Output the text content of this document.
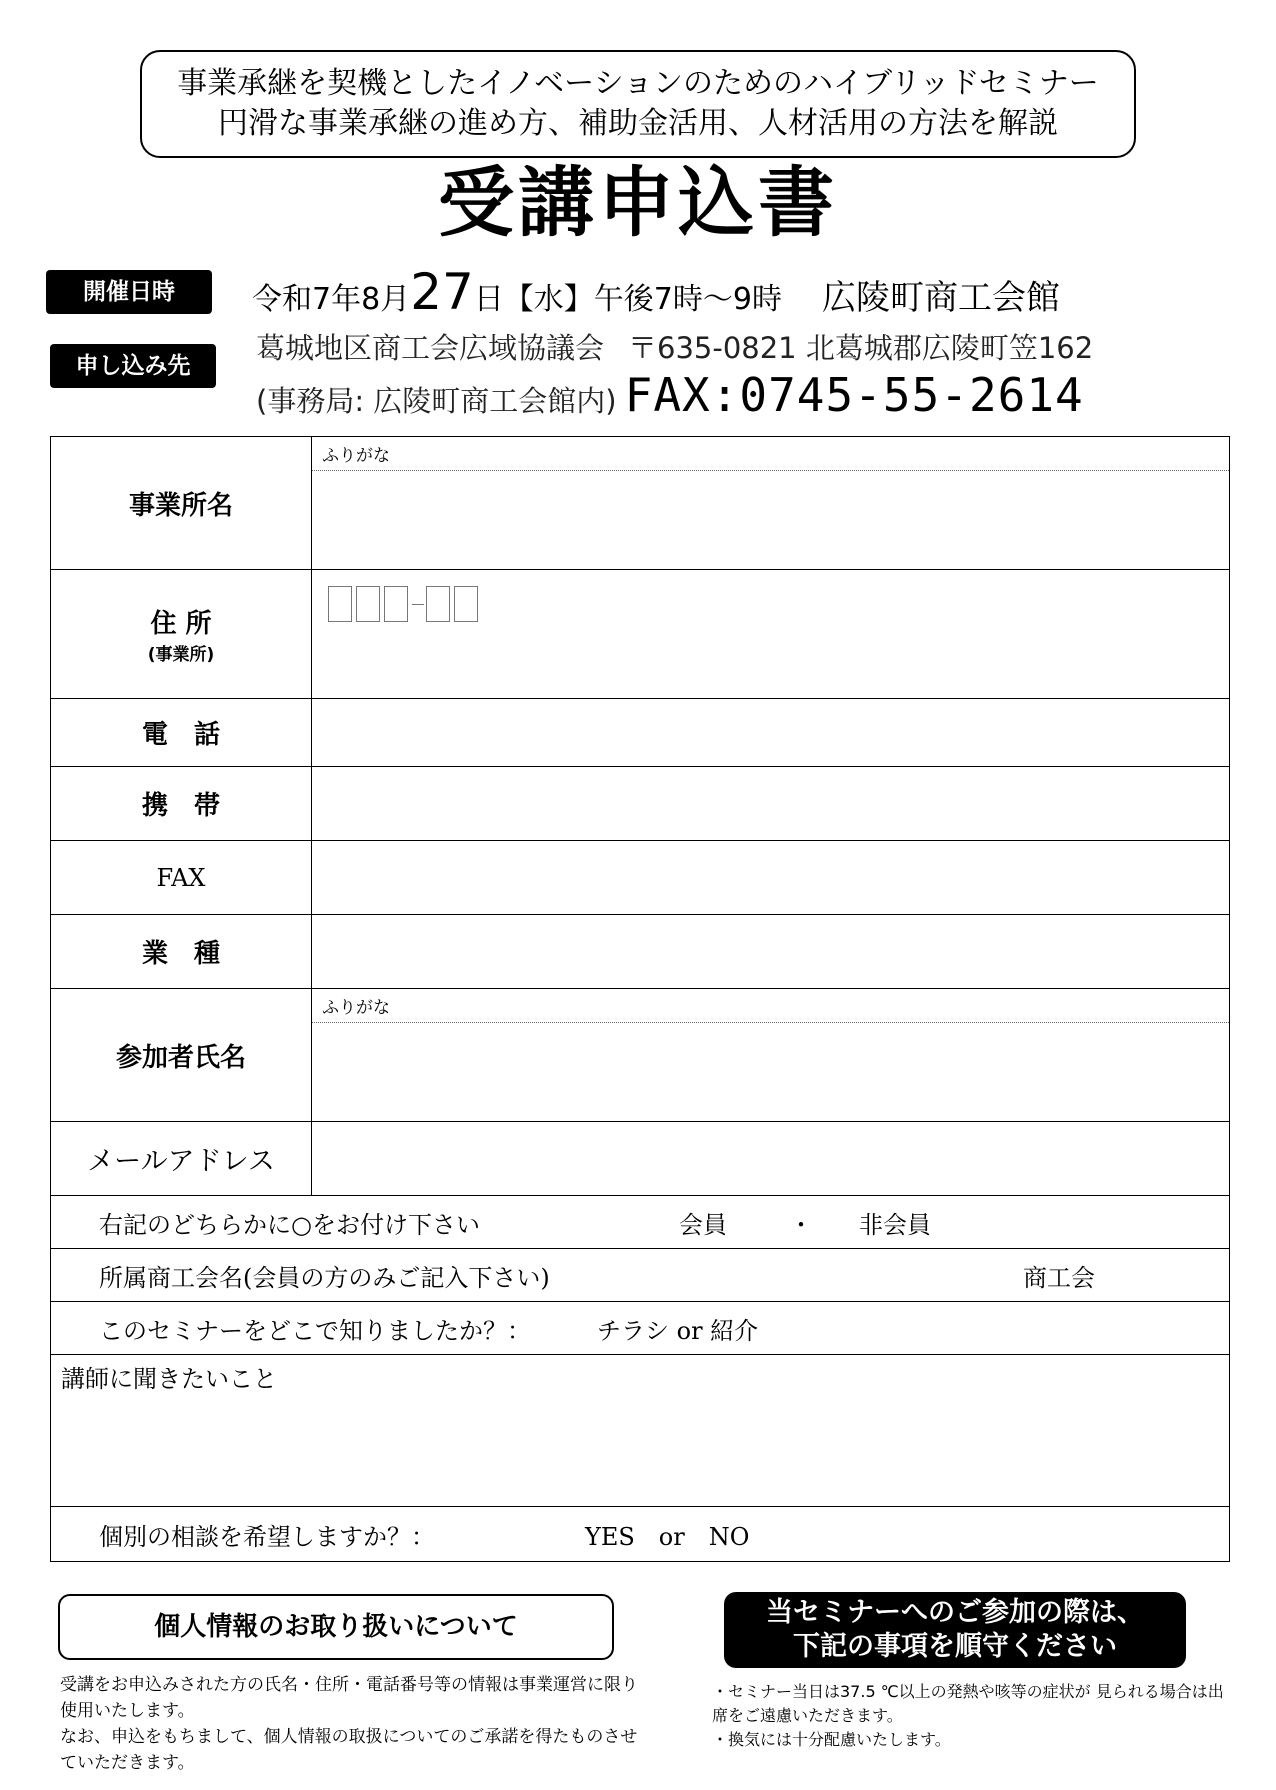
事業承継を契機としたイノベーションのためのハイブリッドセミナー
円滑な事業承継の進め方、補助金活用、人材活用の方法を解説
受講申込書
開催日時	令和7年8月27日【水】午後7時～9時 広陵町商工会館
申し込み先
葛城地区商工会広域協議会 〒635-0821 北葛城郡広陵町笠162
(事務局: 広陵町商工会館内) FAX:0745-55-2614
事業所名	ふりがな

住 所
(事業所)	

電　話	
携　帯	
FAX	
業　種	
参加者氏名	ふりがな

メールアドレス	
右記のどちらかに○をお付け下さい 会員 ・ 非会員	
所属商工会名(会員の方のみご記入下さい) 商工会	
このセミナーをどこで知りましたか？： チラシ or 紹介	
講師に聞きたいこと	
個別の相談を希望しますか？： YES　or　NO	
個人情報のお取り扱いについて
受講をお申込みされた方の氏名・住所・電話番号等の情報は事業運営に限り使用いたします。
なお、申込をもちまして、個人情報の取扱についてのご承諾を得たものさせていただきます。
当セミナーへのご参加の際は、
下記の事項を順守ください
・セミナー当日は37.5 ℃以上の発熱や咳等の症状が 見られる場合は出席をご遠慮いただきます。
・換気には十分配慮いたします。
